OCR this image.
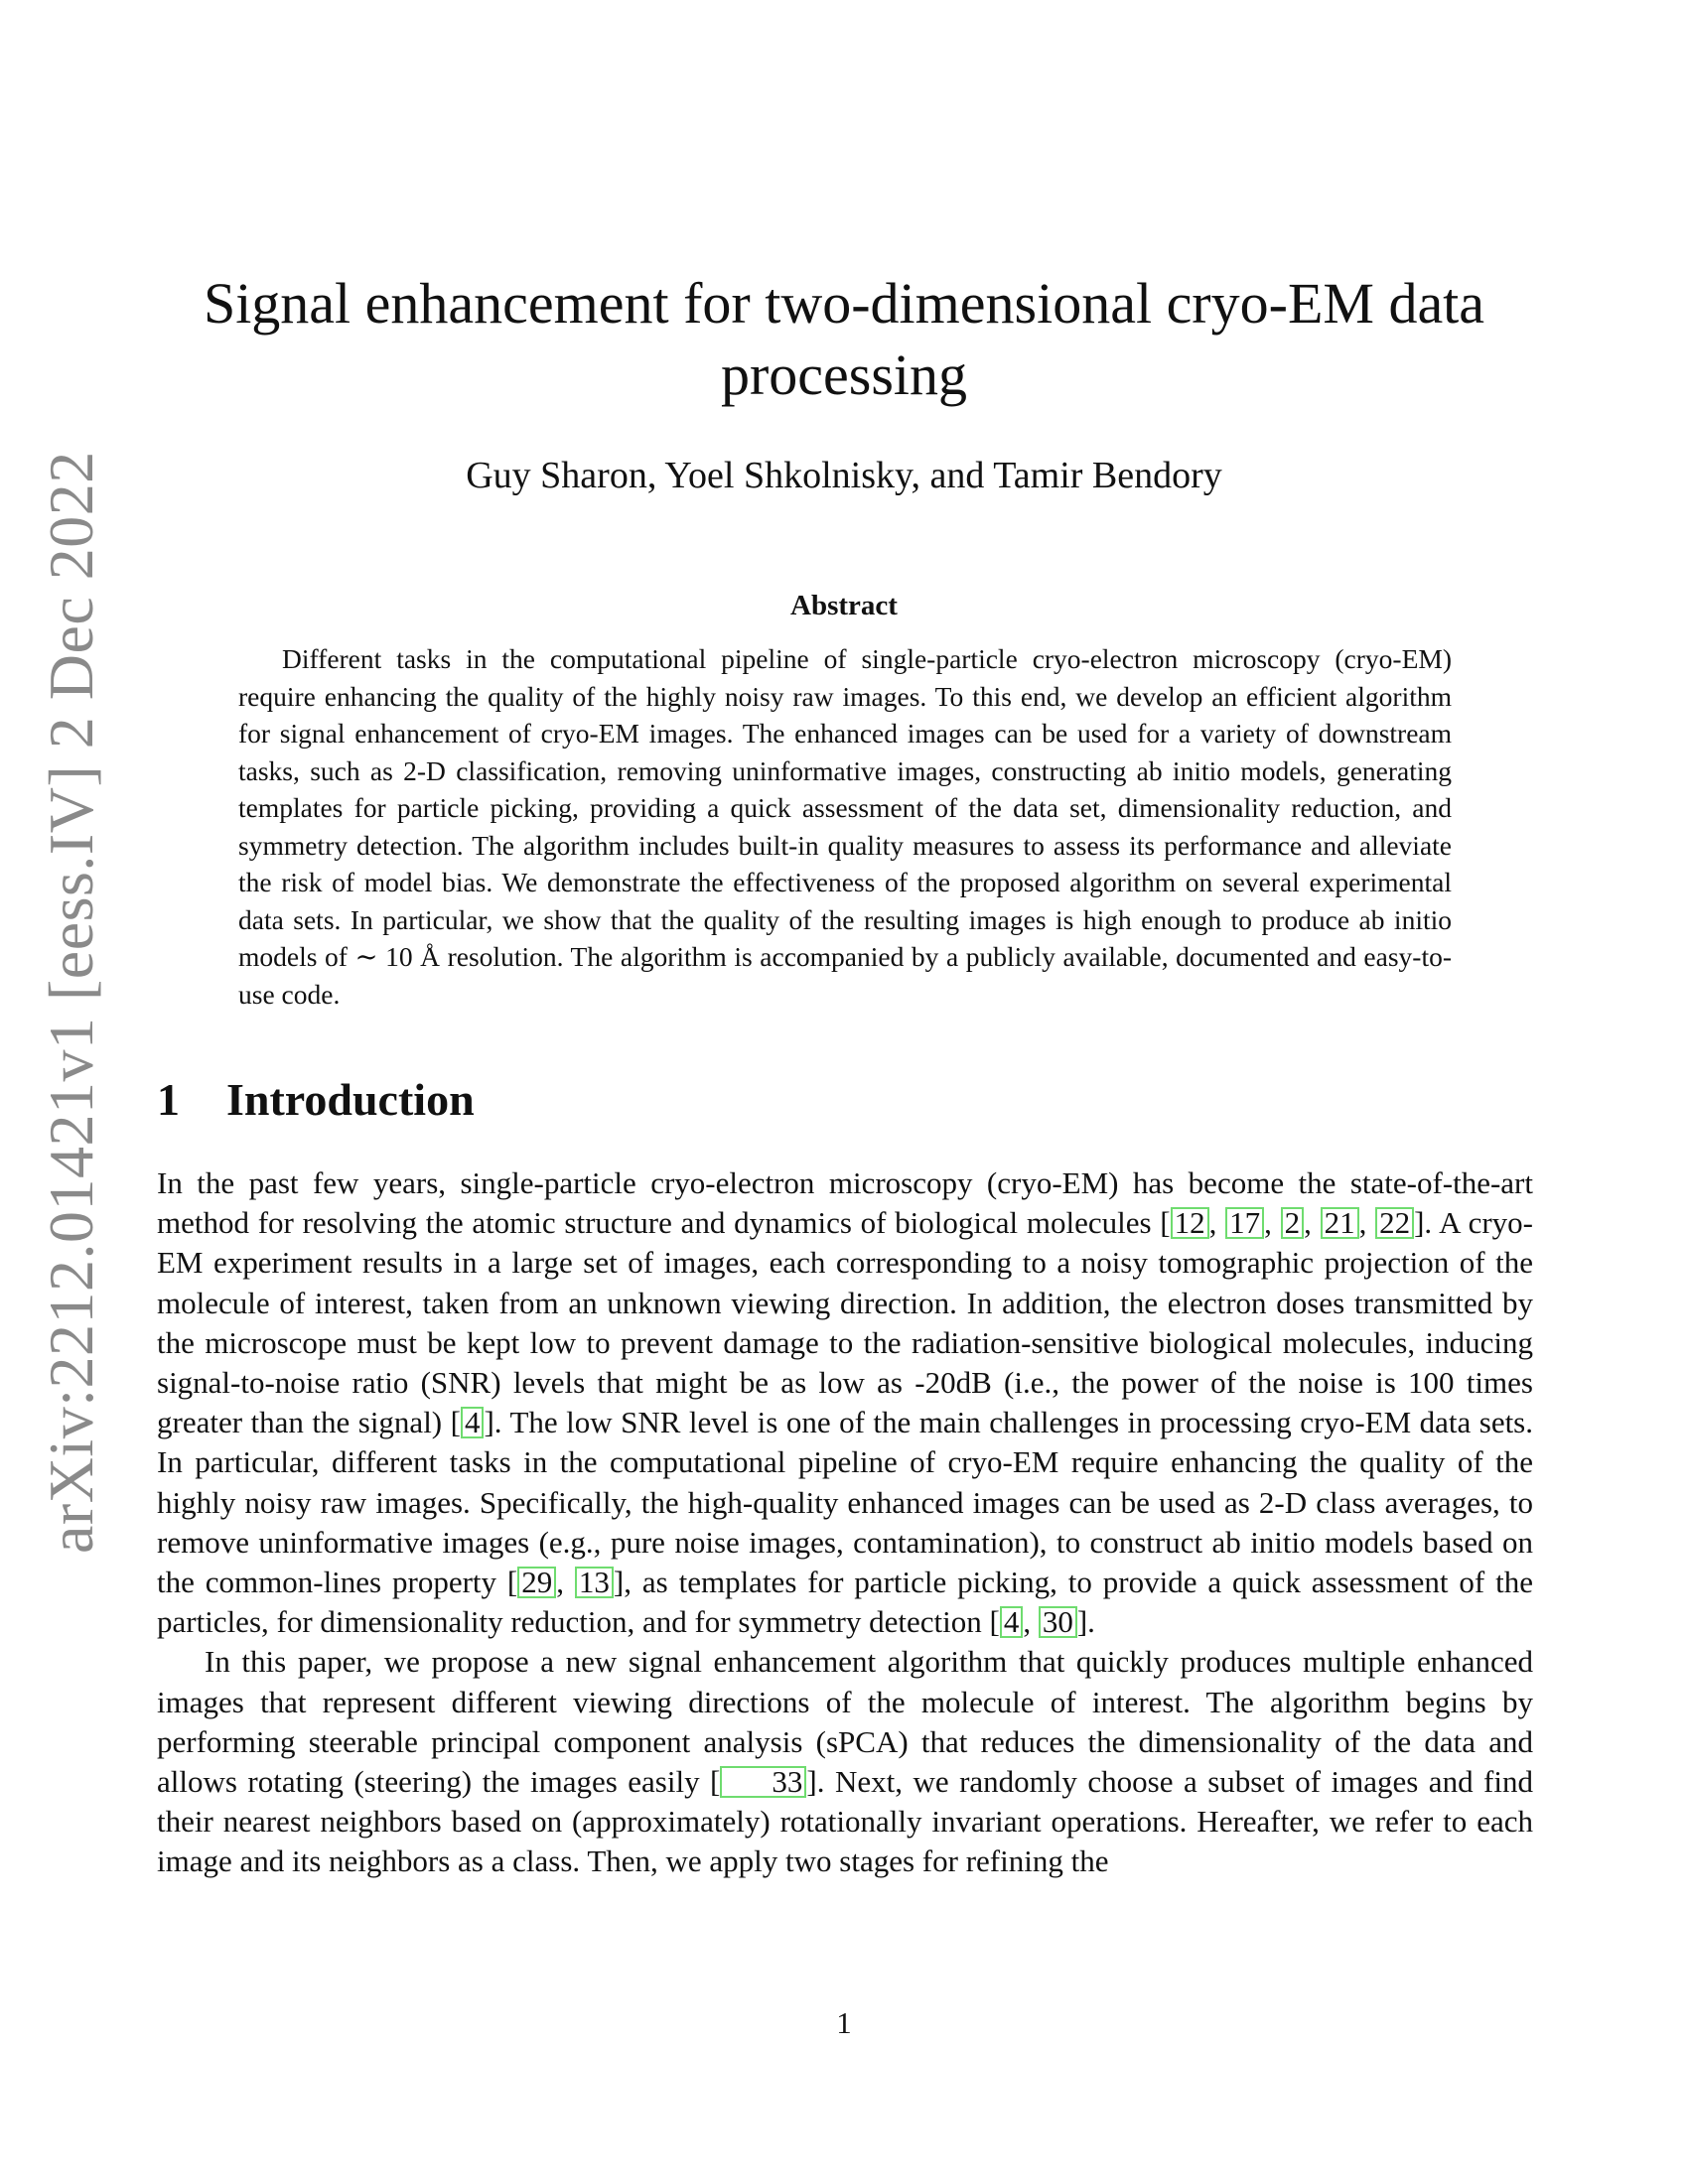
arXiv:2212.01421v1 [eess.IV] 2 Dec 2022
Signal enhancement for two-dimensional cryo-EM data processing
Guy Sharon, Yoel Shkolnisky, and Tamir Bendory
Abstract

Different tasks in the computational pipeline of single-particle cryo-electron microscopy (cryo-EM) require enhancing the quality of the highly noisy raw images. To this end, we develop an efficient algorithm for signal enhancement of cryo-EM images. The enhanced images can be used for a variety of downstream tasks, such as 2-D classification, removing uninformative images, constructing ab initio models, generating templates for particle picking, providing a quick assessment of the data set, dimensionality reduction, and symmetry detection. The algorithm includes built-in quality measures to assess its performance and alleviate the risk of model bias. We demonstrate the effectiveness of the proposed algorithm on several experimental data sets. In particular, we show that the quality of the resulting images is high enough to produce ab initio models of ∼ 10 Å resolution. The algorithm is accompanied by a publicly available, documented and easy-to-use code.

1 Introduction

In the past few years, single-particle cryo-electron microscopy (cryo-EM) has become the state-of-the-art method for resolving the atomic structure and dynamics of biological molecules [ 12 , 17 , 2 , 21 , 22 ]. A cryo-EM experiment results in a large set of images, each corresponding to a noisy tomographic projection of the molecule of interest, taken from an unknown viewing direction. In addition, the electron doses transmitted by the microscope must be kept low to prevent damage to the radiation-sensitive biological molecules, inducing signal-to-noise ratio (SNR) levels that might be as low as -20dB (i.e., the power of the noise is 100 times greater than the signal) [ 4 ]. The low SNR level is one of the main challenges in processing cryo-EM data sets. In particular, different tasks in the computational pipeline of cryo-EM require enhancing the quality of the highly noisy raw images. Specifically, the high-quality enhanced images can be used as 2-D class averages, to remove uninformative images (e.g., pure noise images, contamination), to construct ab initio models based on the common-lines property [ 29 , 13 ], as templates for particle picking, to provide a quick assessment of the particles, for dimensionality reduction, and for symmetry detection [ 4 , 30 ].

In this paper, we propose a new signal enhancement algorithm that quickly produces multiple enhanced images that represent different viewing directions of the molecule of interest. The algorithm begins by performing steerable principal component analysis (sPCA) that reduces the dimensionality of the data and allows rotating (steering) the images easily [ 33 ]. Next, we randomly choose a subset of images and find their nearest neighbors based on (approximately) rotationally invariant operations. Hereafter, we refer to each image and its neighbors as a class. Then, we apply two stages for refining the

1
